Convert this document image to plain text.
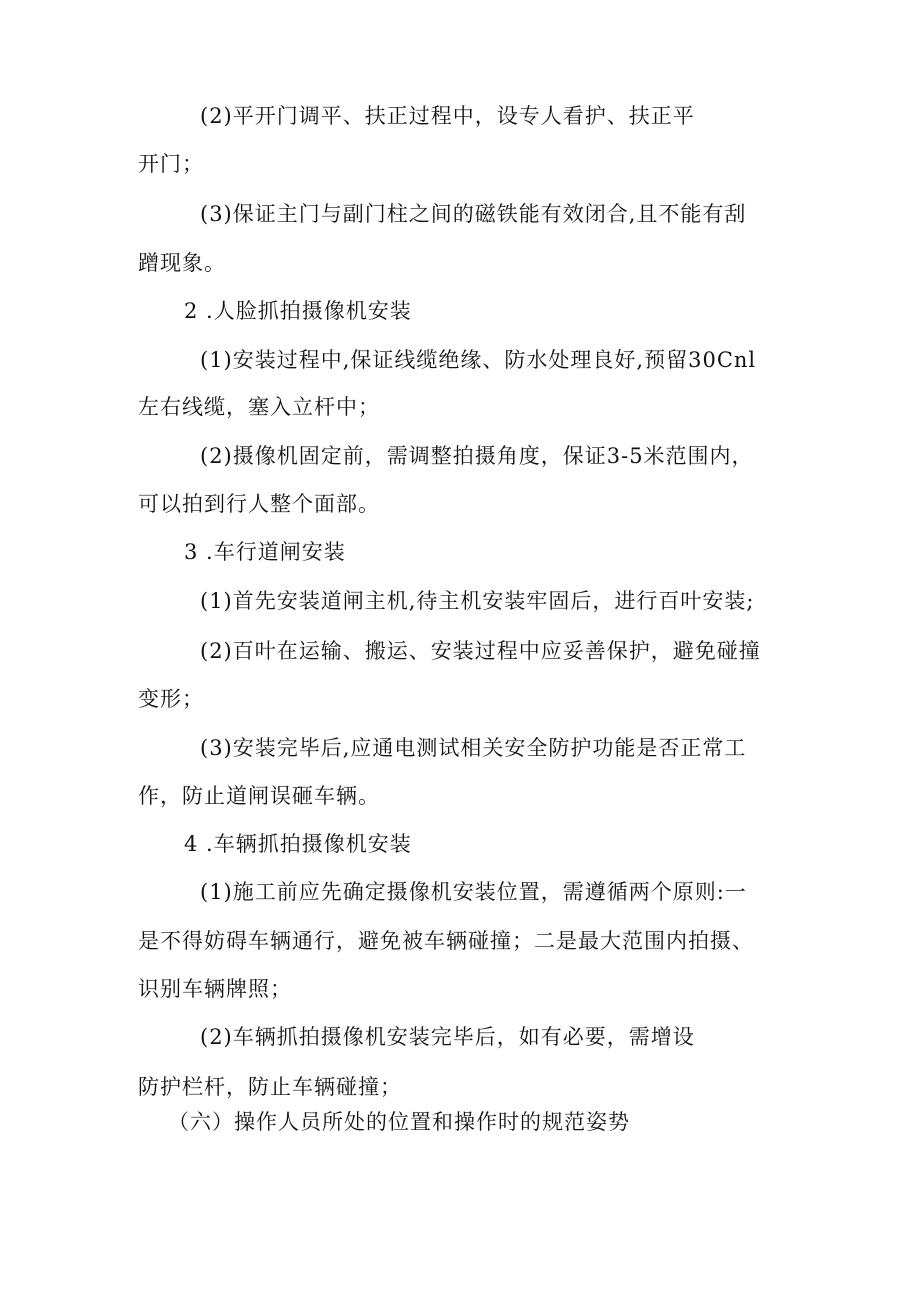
(2)平开门调平、扶正过程中，设专人看护、扶正平

开门；

(3)保证主门与副门柱之间的磁铁能有效闭合,且不能有刮

蹭现象。

2 .人脸抓拍摄像机安装

(1)安装过程中,保证线缆绝缘、防水处理良好,预留30Cnl

左右线缆，塞入立杆中；

(2)摄像机固定前，需调整拍摄角度，保证3-5米范围内，

可以拍到行人整个面部。

3 .车行道闸安装

(1)首先安装道闸主机,待主机安装牢固后，进行百叶安装;

(2)百叶在运输、搬运、安装过程中应妥善保护，避免碰撞

变形；

(3)安装完毕后,应通电测试相关安全防护功能是否正常工

作，防止道闸误砸车辆。

4 .车辆抓拍摄像机安装

(1)施工前应先确定摄像机安装位置，需遵循两个原则:一

是不得妨碍车辆通行，避免被车辆碰撞；二是最大范围内拍摄、

识别车辆牌照；

(2)车辆抓拍摄像机安装完毕后，如有必要，需增设

防护栏杆，防止车辆碰撞；

（六）操作人员所处的位置和操作时的规范姿势
